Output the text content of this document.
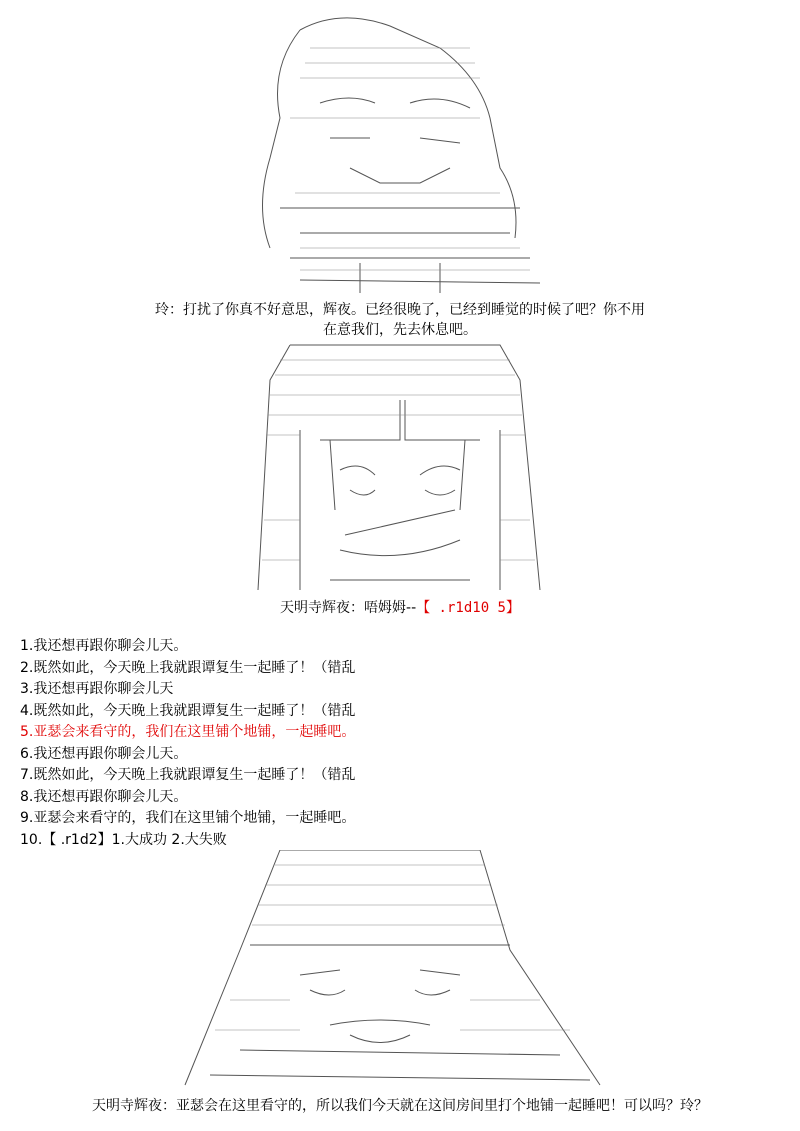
玲：打扰了你真不好意思，辉夜。已经很晚了，已经到睡觉的时候了吧？你不用
在意我们，先去休息吧。
天明寺辉夜：唔姆姆--【 .r1d10 5】
1.我还想再跟你聊会儿天。
2.既然如此，今天晚上我就跟谭复生一起睡了！（错乱
3.我还想再跟你聊会儿天
4.既然如此，今天晚上我就跟谭复生一起睡了！（错乱
5.亚瑟会来看守的，我们在这里铺个地铺，一起睡吧。
6.我还想再跟你聊会儿天。
7.既然如此，今天晚上我就跟谭复生一起睡了！（错乱
8.我还想再跟你聊会儿天。
9.亚瑟会来看守的，我们在这里铺个地铺，一起睡吧。
10.【 .r1d2】1.大成功 2.大失败
天明寺辉夜：亚瑟会在这里看守的，所以我们今天就在这间房间里打个地铺一起睡吧！可以吗？玲？
